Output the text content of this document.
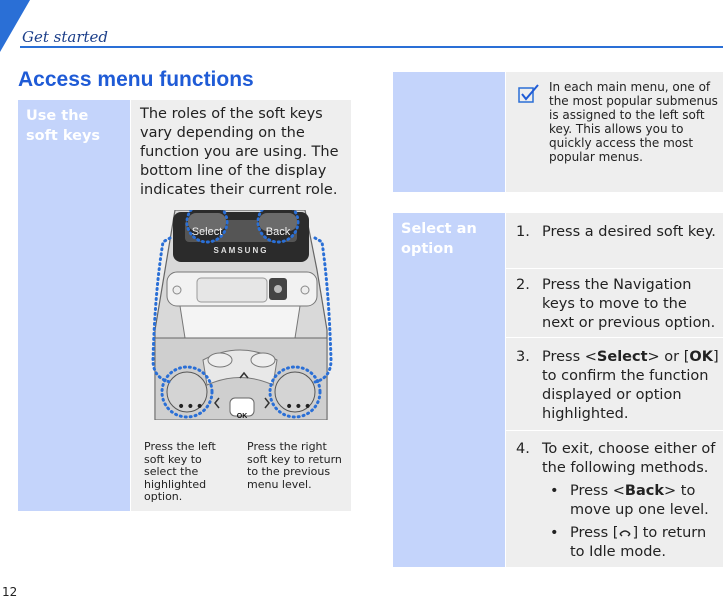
Get started
Access menu functions
Use the soft keys
The roles of the soft keys vary depending on the function you are using. The bottom line of the display indicates their current role.
Select	Back
SAMSUNG
OK
•••	•••
Press the left soft key to select the highlighted option.
Press the right soft key to return to the previous menu level.
In each main menu, one of the most popular submenus is assigned to the left soft key. This allows you to quickly access the most popular menus.
Select an option
1. Press a desired soft key.
2. Press the Navigation keys to move to the next or previous option.
3. Press <Select> or [OK] to confirm the function displayed or option highlighted.
4. To exit, choose either of the following methods.
• Press <Back> to move up one level.
• Press [ ] to return to Idle mode.
12
